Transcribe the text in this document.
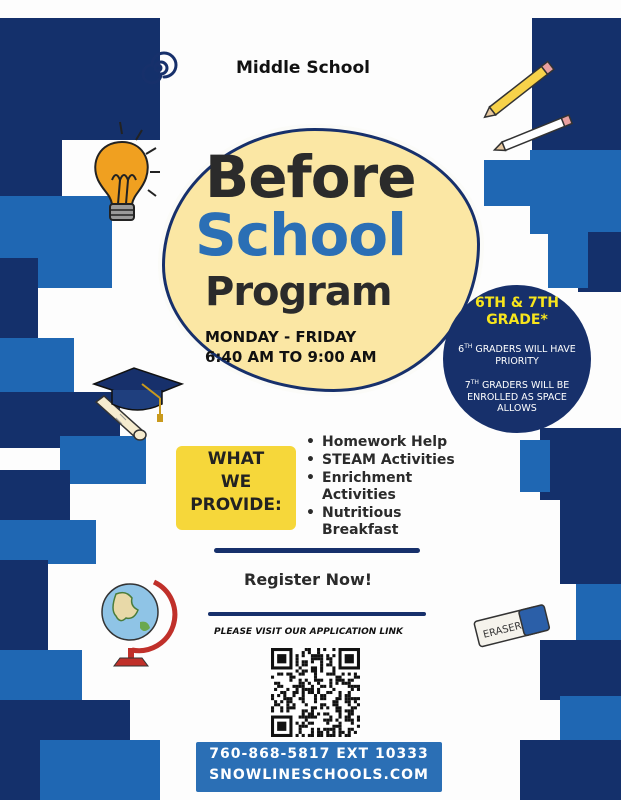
Middle School
Before
School
Program
MONDAY - FRIDAY
6:40 AM TO 9:00 AM
6TH & 7TH
GRADE*
6TH GRADERS WILL HAVE PRIORITY
7TH GRADERS WILL BE ENROLLED AS SPACE ALLOWS
WHAT
WE
PROVIDE:
• Homework Help
• STEAM Activities
• Enrichment Activities
• Nutritious Breakfast
Register Now!
PLEASE VISIT OUR APPLICATION LINK	ERASER
760-868-5817 EXT 10333
SNOWLINESCHOOLS.COM
